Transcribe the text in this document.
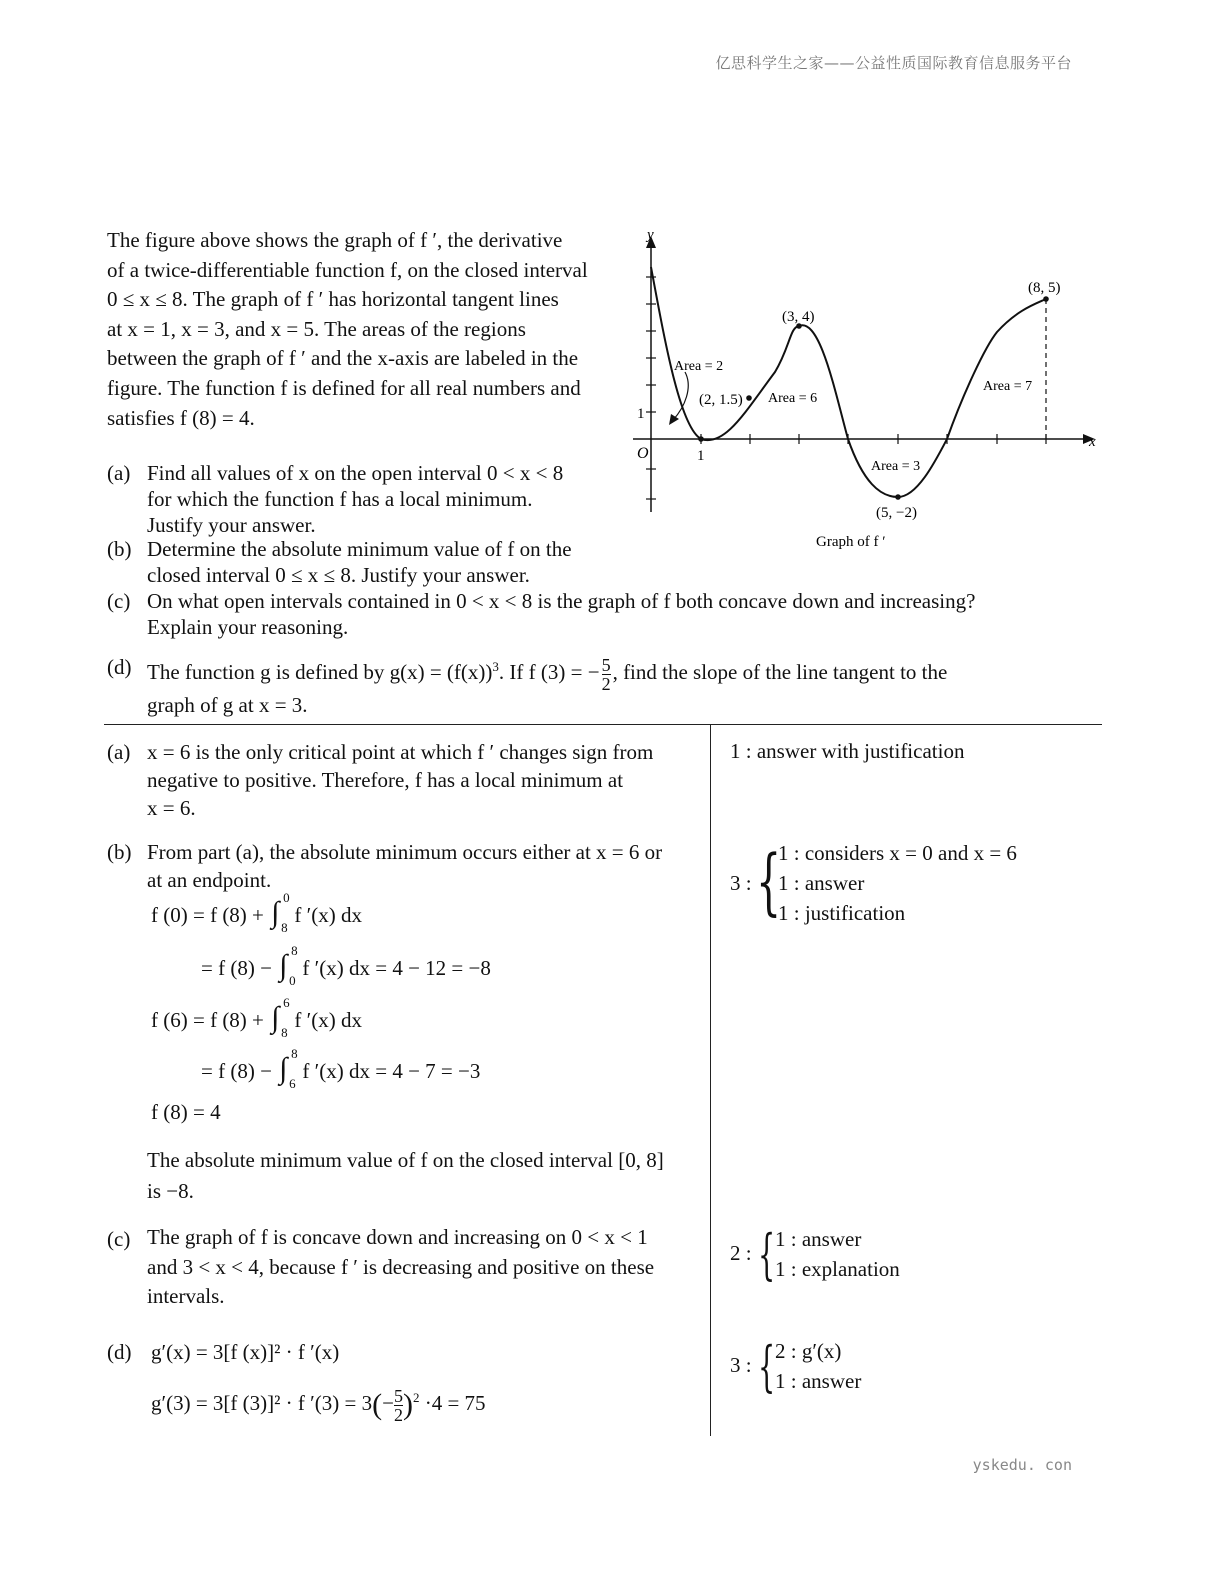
亿思科学生之家——公益性质国际教育信息服务平台
yskedu. con
The figure above shows the graph of f ′, the derivative
of a twice-differentiable function f, on the closed interval
0 ≤ x ≤ 8. The graph of f ′ has horizontal tangent lines
at x = 1, x = 3, and x = 5. The areas of the regions
between the graph of f ′ and the x-axis are labeled in the
figure. The function f is defined for all real numbers and
satisfies f (8) = 4.
(a) Find all values of x on the open interval 0 < x < 8
for which the function f has a local minimum.
Justify your answer.
(b) Determine the absolute minimum value of f on the
closed interval 0 ≤ x ≤ 8. Justify your answer.
(c) On what open intervals contained in 0 < x < 8 is the graph of f both concave down and increasing?
Explain your reasoning.
(d) The function g is defined by $g(x) = (f(x))^3$. If f (3) = − $\frac{5}{2}$ , find the slope of the line tangent to the
graph of g at x = 3.
y
x
O	1
1
(8, 5)
(3, 4)
(2, 1.5)
(5, −2)
Area = 2
Area = 6
Area = 3
Area = 7
Graph of f ′
(a) x = 6 is the only critical point at which f ′ changes sign from
negative to positive. Therefore, f has a local minimum at
x = 6.
(b) From part (a), the absolute minimum occurs either at x = 6 or
at an endpoint.
f (0) = f (8) + ∫ 0
8
f ′(x) dx
= f (8) − ∫ 8
0
f ′(x) dx = 4 − 12 = −8
f (6) = f (8) + ∫ 6
8
f ′(x) dx
= f (8) − ∫ 8
6
f ′(x) dx = 4 − 7 = −3
f (8) = 4
The absolute minimum value of f on the closed interval [0, 8]
is −8.
(c) The graph of f is concave down and increasing on 0 < x < 1
and 3 < x < 4, because f ′ is decreasing and positive on these
intervals.
(d) g′(x) = 3[f (x)]² · f ′(x)
g′(3) = 3[f (3)]² · f $'(3) = 3(- \frac{5}{2} )^2 \cdot 4 = 75$
1 : answer with justification
3 : {
1 : considers x = 0 and x = 6
1 : answer
1 : justification
2 : { 1 : answer
1 : explanation
3 : { 2 : g′(x)
1 : answer
